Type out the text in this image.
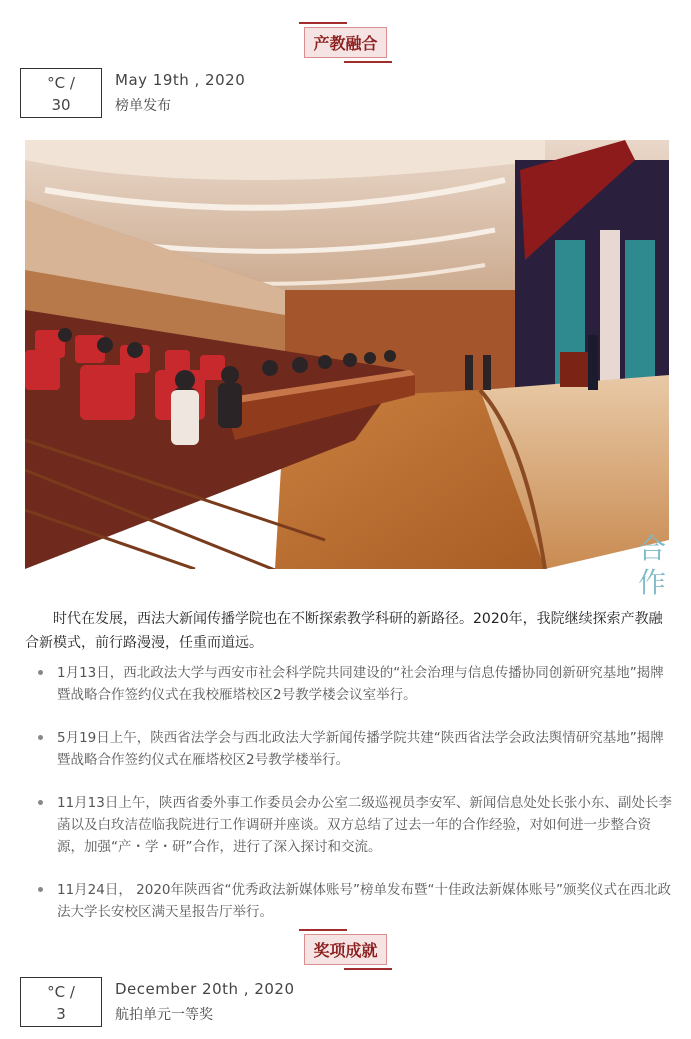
产教融合
°C /
30
May 19th , 2020
榜单发布
合
作
时代在发展，西法大新闻传播学院也在不断探索教学科研的新路径。2020年，我院继续探索产教融合新模式，前行路漫漫，任重而道远。
1月13日，西北政法大学与西安市社会科学院共同建设的“社会治理与信息传播协同创新研究基地”揭牌暨战略合作签约仪式在我校雁塔校区2号教学楼会议室举行。
5月19日上午，陕西省法学会与西北政法大学新闻传播学院共建“陕西省法学会政法舆情研究基地”揭牌暨战略合作签约仪式在雁塔校区2号教学楼举行。
11月13日上午，陕西省委外事工作委员会办公室二级巡视员李安军、新闻信息处处长张小东、副处长李菡以及白玫洁莅临我院进行工作调研并座谈。双方总结了过去一年的合作经验，对如何进一步整合资源，加强“产・学・研”合作，进行了深入探讨和交流。
11月24日， 2020年陕西省“优秀政法新媒体账号”榜单发布暨“十佳政法新媒体账号”颁奖仪式在西北政法大学长安校区满天星报告厅举行。
奖项成就
°C /
3
December 20th , 2020
航拍单元一等奖
